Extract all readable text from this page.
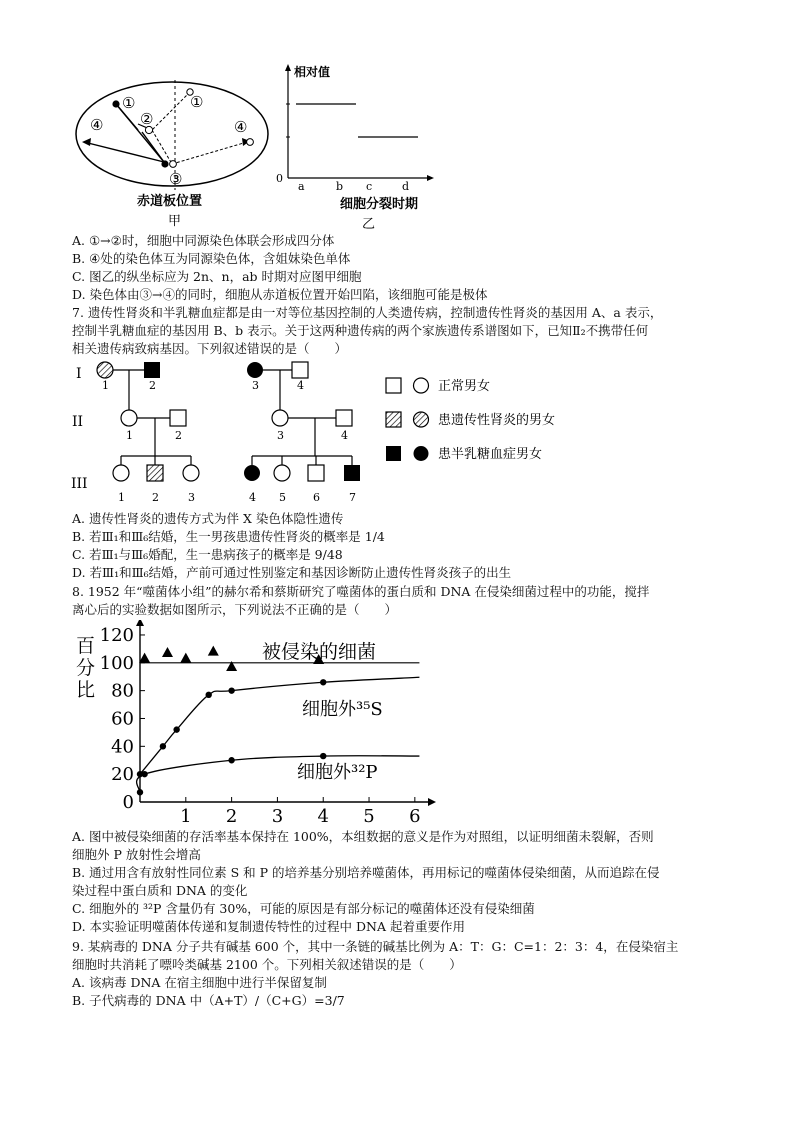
①
②
①
④	④
③
赤道板位置
甲
相对值
0
a	b c	d
细胞分裂时期
乙
A. ①→②时，细胞中同源染色体联会形成四分体
B. ④处的染色体互为同源染色体，含姐妹染色单体
C. 图乙的纵坐标应为 2n、n，ab 时期对应图甲细胞
D. 染色体由③→④的同时，细胞从赤道板位置开始凹陷，该细胞可能是极体
7. 遗传性肾炎和半乳糖血症都是由一对等位基因控制的人类遗传病，控制遗传性肾炎的基因用 A、a 表示，
控制半乳糖血症的基因用 B、b 表示。关于这两种遗传病的两个家族遗传系谱图如下，已知Ⅱ₂不携带任何
相关遗传病致病基因。下列叙述错误的是（　　）
I
II
III
1	2	3	4
1	2	3	4
1 2	3	4 5 6	7
正常男女
患遗传性肾炎的男女
患半乳糖血症男女
A. 遗传性肾炎的遗传方式为伴 X 染色体隐性遗传
B. 若Ⅲ₁和Ⅲ₆结婚，生一男孩患遗传性肾炎的概率是 1/4
C. 若Ⅲ₁与Ⅲ₆婚配，生一患病孩子的概率是 9/48
D. 若Ⅲ₁和Ⅲ₆结婚，产前可通过性别鉴定和基因诊断防止遗传性肾炎孩子的出生
8. 1952 年“噬菌体小组”的赫尔希和蔡斯研究了噬菌体的蛋白质和 DNA 在侵染细菌过程中的功能，搅拌
离心后的实验数据如图所示，下列说法不正确的是（　　）
百
分
比
0
20
40
60
80
100
120
1 2 3 4 5 6
被侵染的细菌
细胞外³⁵S
细胞外³²P
A. 图中被侵染细菌的存活率基本保持在 100%，本组数据的意义是作为对照组，以证明细菌未裂解，否则
细胞外 P 放射性会增高
B. 通过用含有放射性同位素 S 和 P 的培养基分别培养噬菌体，再用标记的噬菌体侵染细菌，从而追踪在侵
染过程中蛋白质和 DNA 的变化
C. 细胞外的 ³²P 含量仍有 30%，可能的原因是有部分标记的噬菌体还没有侵染细菌
D. 本实验证明噬菌体传递和复制遗传特性的过程中 DNA 起着重要作用
9. 某病毒的 DNA 分子共有碱基 600 个，其中一条链的碱基比例为 A：T：G：C=1：2：3：4，在侵染宿主
细胞时共消耗了嘌呤类碱基 2100 个。下列相关叙述错误的是（　　）
A. 该病毒 DNA 在宿主细胞中进行半保留复制
B. 子代病毒的 DNA 中（A+T）/（C+G）=3/7
